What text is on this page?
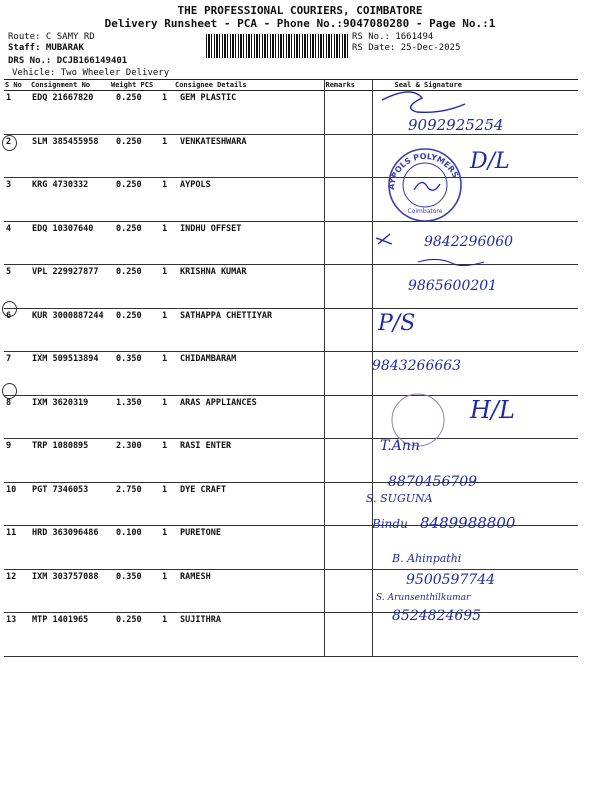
THE PROFESSIONAL COURIERS, COIMBATORE
Delivery Runsheet - PCA - Phone No.:9047080280 - Page No.:1
Route: C SAMY RD
Staff: MUBARAK
DRS No.: DCJB166149401
Vehicle: Two Wheeler Delivery
RS No.: 1661494
RS Date: 25-Dec-2025
S No	Consignment No	Weight PCS		Consignee Details	Remarks	Seal & Signature
1	EDQ 21667820	0.250	1	GEM PLASTIC		
2	SLM 385455958	0.250	1	VENKATESHWARA		
3	KRG 4730332	0.250	1	AYPOLS		
4	EDQ 10307640	0.250	1	INDHU OFFSET		
5	VPL 229927877	0.250	1	KRISHNA KUMAR		
6	KUR 3000887244	0.250	1	SATHAPPA CHETTIYAR		
7	IXM 509513894	0.350	1	CHIDAMBARAM		
8	IXM 3620319	1.350	1	ARAS APPLIANCES		
9	TRP 1080895	2.300	1	RASI ENTER		
10	PGT 7346053	2.750	1	DYE CRAFT		
11	HRD 363096486	0.100	1	PURETONE		
12	IXM 303757088	0.350	1	RAMESH		
13	MTP 1401965	0.250	1	SUJITHRA		
9092925254
D/L
AYPOLS POLYMERS
Coimbatore
9842296060
9865600201
P/S
9843266663
H/L
T.Ann
8870456709
S. SUGUNA
Bindu 8489988800
B. Ahinpathi
9500597744
S. Arunsenthilkumar
8524824695
